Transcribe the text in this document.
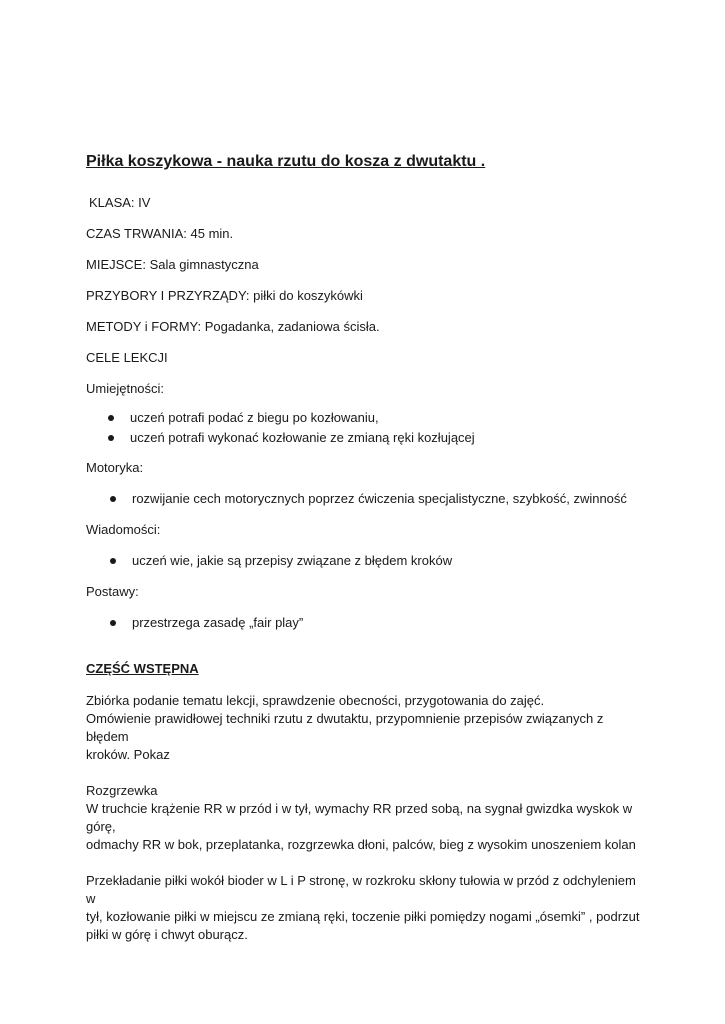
Piłka koszykowa - nauka rzutu do kosza z dwutaktu .

KLASA: IV

CZAS TRWANIA: 45 min.

MIEJSCE: Sala gimnastyczna

PRZYBORY I PRZYRZĄDY: piłki do koszykówki

METODY i FORMY: Pogadanka, zadaniowa ścisła.

CELE LEKCJI

Umiejętności:

uczeń potrafi podać z biegu po kozłowaniu,
uczeń potrafi wykonać kozłowanie ze zmianą ręki kozłującej

Motoryka:

rozwijanie cech motorycznych poprzez ćwiczenia specjalistyczne, szybkość, zwinność

Wiadomości:

uczeń wie, jakie są przepisy związane z błędem kroków

Postawy:

przestrzega zasadę „fair play”
CZĘŚĆ WSTĘPNA

Zbiórka podanie tematu lekcji, sprawdzenie obecności, przygotowania do zajęć.

Omówienie prawidłowej techniki rzutu z dwutaktu, przypomnienie przepisów związanych z błędem

kroków. Pokaz

Rozgrzewka

W truchcie krążenie RR w przód i w tył, wymachy RR przed sobą, na sygnał gwizdka wyskok w górę,

odmachy RR w bok, przeplatanka, rozgrzewka dłoni, palców, bieg z wysokim unoszeniem kolan

Przekładanie piłki wokół bioder w L i P stronę, w rozkroku skłony tułowia w przód z odchyleniem w

tył, kozłowanie piłki w miejscu ze zmianą ręki, toczenie piłki pomiędzy nogami „ósemki” , podrzut

piłki w górę i chwyt oburącz.
